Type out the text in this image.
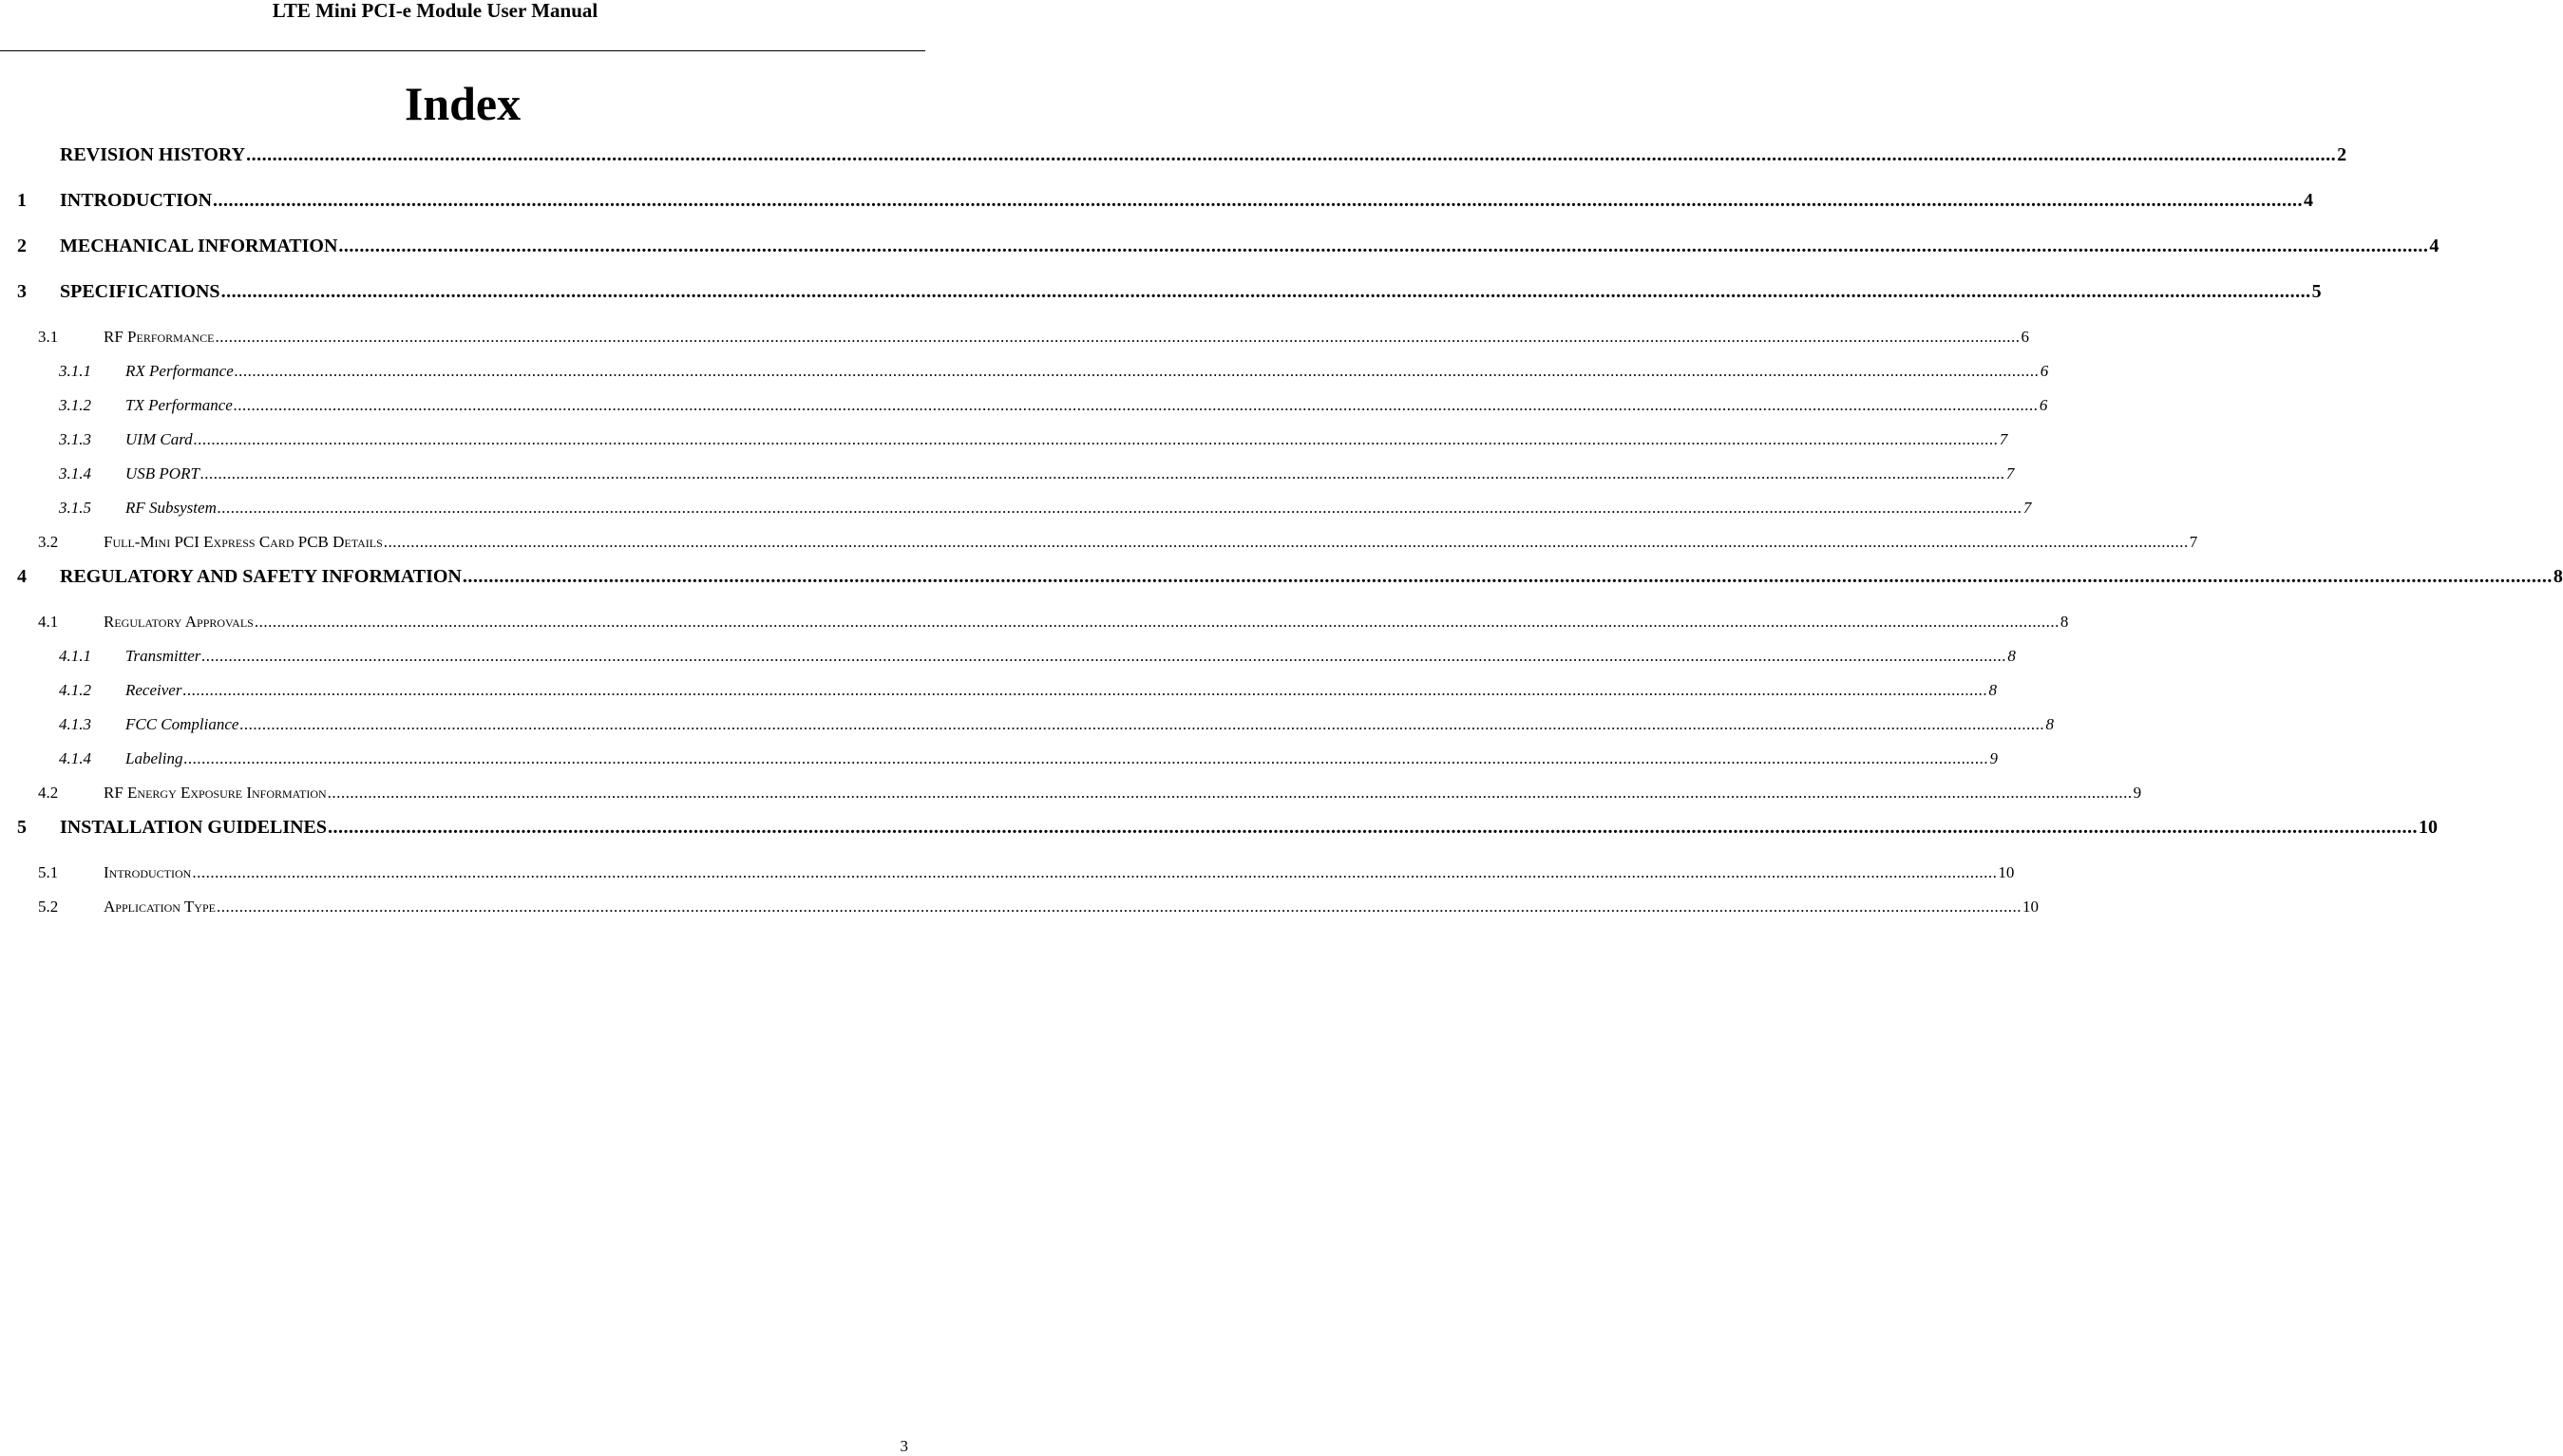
LTE Mini PCI-e Module User Manual
Index
REVISION HISTORY ................................................................................................................................................................................................................................................................................................................................................................................................................ 2
1	INTRODUCTION ................................................................................................................................................................................................................................................................................................................................................................................................................ 4
2	MECHANICAL INFORMATION ................................................................................................................................................................................................................................................................................................................................................................................................................ 4
3	SPECIFICATIONS ................................................................................................................................................................................................................................................................................................................................................................................................................ 5
3.1	RF Performance ................................................................................................................................................................................................................................................................................................................................................................................................................ 6
3.1.1	RX Performance ................................................................................................................................................................................................................................................................................................................................................................................................................ 6
3.1.2	TX Performance ................................................................................................................................................................................................................................................................................................................................................................................................................ 6
3.1.3	UIM Card ................................................................................................................................................................................................................................................................................................................................................................................................................ 7
3.1.4	USB PORT ................................................................................................................................................................................................................................................................................................................................................................................................................ 7
3.1.5	RF Subsystem ................................................................................................................................................................................................................................................................................................................................................................................................................ 7
3.2	Full-Mini PCI Express Card PCB Details ................................................................................................................................................................................................................................................................................................................................................................................................................ 7
4	REGULATORY AND SAFETY INFORMATION ................................................................................................................................................................................................................................................................................................................................................................................................................ 8
4.1	Regulatory Approvals ................................................................................................................................................................................................................................................................................................................................................................................................................ 8
4.1.1	Transmitter ................................................................................................................................................................................................................................................................................................................................................................................................................ 8
4.1.2	Receiver ................................................................................................................................................................................................................................................................................................................................................................................................................ 8
4.1.3	FCC Compliance ................................................................................................................................................................................................................................................................................................................................................................................................................ 8
4.1.4	Labeling ................................................................................................................................................................................................................................................................................................................................................................................................................ 9
4.2	RF Energy Exposure Information ................................................................................................................................................................................................................................................................................................................................................................................................................ 9
5	INSTALLATION GUIDELINES ................................................................................................................................................................................................................................................................................................................................................................................................................ 10
5.1	Introduction ................................................................................................................................................................................................................................................................................................................................................................................................................ 10
5.2	Application Type ................................................................................................................................................................................................................................................................................................................................................................................................................ 10
3
